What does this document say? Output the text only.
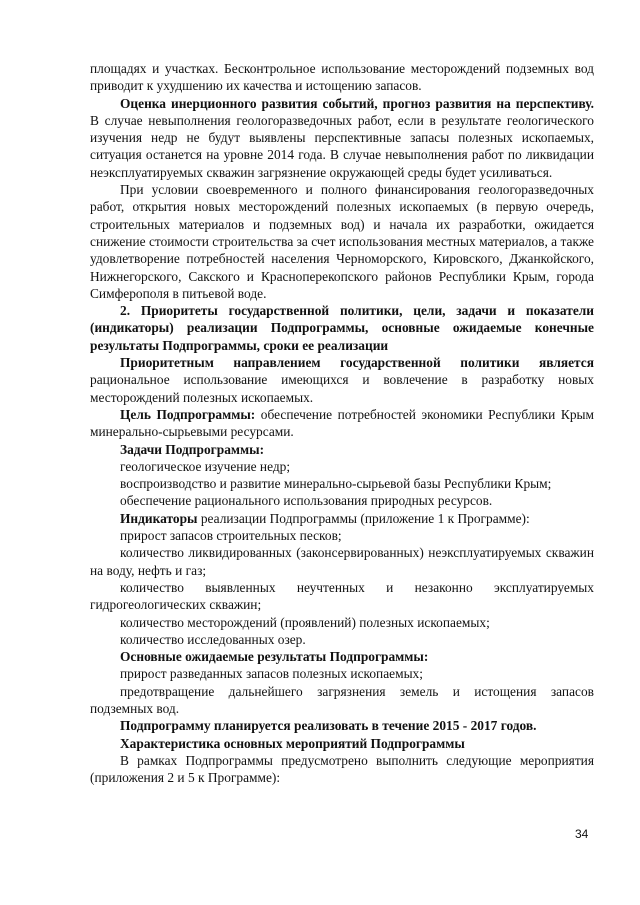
площадях и участках. Бесконтрольное использование месторождений подземных вод приводит к ухудшению их качества и истощению запасов.

Оценка инерционного развития событий, прогноз развития на перспективу. В случае невыполнения геологоразведочных работ, если в результате геологического изучения недр не будут выявлены перспективные запасы полезных ископаемых, ситуация останется на уровне 2014 года. В случае невыполнения работ по ликвидации неэксплуатируемых скважин загрязнение окружающей среды будет усиливаться.

При условии своевременного и полного финансирования геологоразведочных работ, открытия новых месторождений полезных ископаемых (в первую очередь, строительных материалов и подземных вод) и начала их разработки, ожидается снижение стоимости строительства за счет использования местных материалов, а также удовлетворение потребностей населения Черноморского, Кировского, Джанкойского, Нижнегорского, Сакского и Красноперекопского районов Республики Крым, города Симферополя в питьевой воде.

2. Приоритеты государственной политики, цели, задачи и показатели (индикаторы) реализации Подпрограммы, основные ожидаемые конечные результаты Подпрограммы, сроки ее реализации

Приоритетным направлением государственной политики является рациональное использование имеющихся и вовлечение в разработку новых месторождений полезных ископаемых.

Цель Подпрограммы: обеспечение потребностей экономики Республики Крым минерально-сырьевыми ресурсами.

Задачи Подпрограммы:

геологическое изучение недр;

воспроизводство и развитие минерально-сырьевой базы Республики Крым;

обеспечение рационального использования природных ресурсов.

Индикаторы реализации Подпрограммы (приложение 1 к Программе):

прирост запасов строительных песков;

количество ликвидированных (законсервированных) неэксплуатируемых скважин на воду, нефть и газ;

количество выявленных неучтенных и незаконно эксплуатируемых гидрогеологических скважин;

количество месторождений (проявлений) полезных ископаемых;

количество исследованных озер.

Основные ожидаемые результаты Подпрограммы:

прирост разведанных запасов полезных ископаемых;

предотвращение дальнейшего загрязнения земель и истощения запасов подземных вод.

Подпрограмму планируется реализовать в течение 2015 - 2017 годов.

Характеристика основных мероприятий Подпрограммы

В рамках Подпрограммы предусмотрено выполнить следующие мероприятия (приложения 2 и 5 к Программе):

34
